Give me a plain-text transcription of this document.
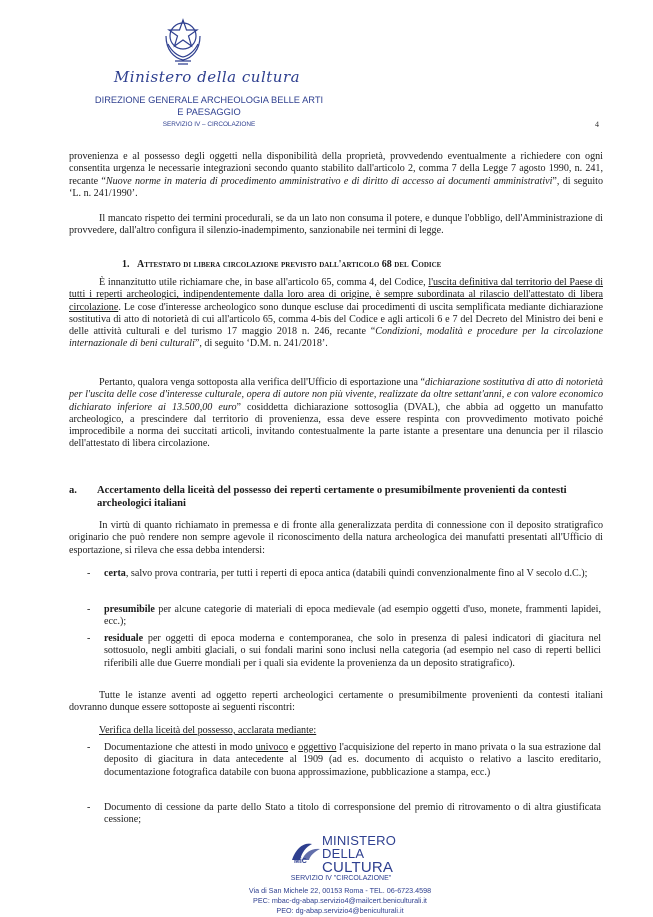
Ministero della cultura
DIREZIONE GENERALE ARCHEOLOGIA BELLE ARTI
E PAESAGGIO
SERVIZIO IV – CIRCOLAZIONE	4

provenienza e al possesso degli oggetti nella disponibilità della proprietà, provvedendo eventualmente a richiedere con ogni consentita urgenza le necessarie integrazioni secondo quanto stabilito dall'articolo 2, comma 7 della Legge 7 agosto 1990, n. 241, recante “Nuove norme in materia di procedimento amministrativo e di diritto di accesso ai documenti amministrativi”, di seguito ‘L. n. 241/1990’.

Il mancato rispetto dei termini procedurali, se da un lato non consuma il potere, e dunque l'obbligo, dell'Amministrazione di provvedere, dall'altro configura il silenzio-inadempimento, sanzionabile nei termini di legge.

1. Attestato di libera circolazione previsto dall'articolo 68 del Codice

È innanzitutto utile richiamare che, in base all'articolo 65, comma 4, del Codice, l'uscita definitiva dal territorio del Paese di tutti i reperti archeologici, indipendentemente dalla loro area di origine, è sempre subordinata al rilascio dell'attestato di libera circolazione. Le cose d'interesse archeologico sono dunque escluse dai procedimenti di uscita semplificata mediante dichiarazione sostitutiva di atto di notorietà di cui all'articolo 65, comma 4-bis del Codice e agli articoli 6 e 7 del Decreto del Ministro dei beni e delle attività culturali e del turismo 17 maggio 2018 n. 246, recante “Condizioni, modalità e procedure per la circolazione internazionale di beni culturali”, di seguito ‘D.M. n. 241/2018’.

Pertanto, qualora venga sottoposta alla verifica dell'Ufficio di esportazione una “dichiarazione sostitutiva di atto di notorietà per l'uscita delle cose d'interesse culturale, opera di autore non più vivente, realizzate da oltre settant'anni, e con valore economico dichiarato inferiore ai 13.500,00 euro” cosiddetta dichiarazione sottosoglia (DVAL), che abbia ad oggetto un manufatto archeologico, a prescindere dal territorio di provenienza, essa deve essere respinta con provvedimento motivato poiché improcedibile a norma dei succitati articoli, invitando contestualmente la parte istante a presentare una denuncia per il rilascio dell'attestato di libera circolazione.

a. Accertamento della liceità del possesso dei reperti certamente o presumibilmente provenienti da contesti archeologici italiani

In virtù di quanto richiamato in premessa e di fronte alla generalizzata perdita di connessione con il deposito stratigrafico originario che può rendere non sempre agevole il riconoscimento della natura archeologica dei manufatti presentati all'Ufficio di esportazione, si rileva che essa debba intendersi:

- certa, salvo prova contraria, per tutti i reperti di epoca antica (databili quindi convenzionalmente fino al V secolo d.C.);

- presumibile per alcune categorie di materiali di epoca medievale (ad esempio oggetti d'uso, monete, frammenti lapidei, ecc.);

- residuale per oggetti di epoca moderna e contemporanea, che solo in presenza di palesi indicatori di giacitura nel sottosuolo, negli ambiti glaciali, o sui fondali marini sono inclusi nella categoria (ad esempio nel caso di reperti bellici riferibili alle due Guerre mondiali per i quali sia evidente la provenienza da un deposito stratigrafico).

Tutte le istanze aventi ad oggetto reperti archeologici certamente o presumibilmente provenienti da contesti italiani dovranno dunque essere sottoposte ai seguenti riscontri:

Verifica della liceità del possesso, acclarata mediante:
- Documentazione che attesti in modo univoco e oggettivo l'acquisizione del reperto in mano privata o la sua estrazione dal deposito di giacitura in data antecedente al 1909 (ad es. documento di acquisto o relativo a lascito ereditario, documentazione fotografica databile con buona approssimazione, pubblicazione a stampa, ecc.)

- Documento di cessione da parte dello Stato a titolo di corresponsione del premio di ritrovamento o di altra giustificata cessione;

MiC
MINISTERO
DELLA
CULTURA
SERVIZIO IV "CIRCOLAZIONE"
Via di San Michele 22, 00153 Roma - TEL. 06-6723.4598
PEC: mbac-dg-abap.servizio4@mailcert.beniculturali.it
PEO: dg-abap.servizio4@beniculturali.it
